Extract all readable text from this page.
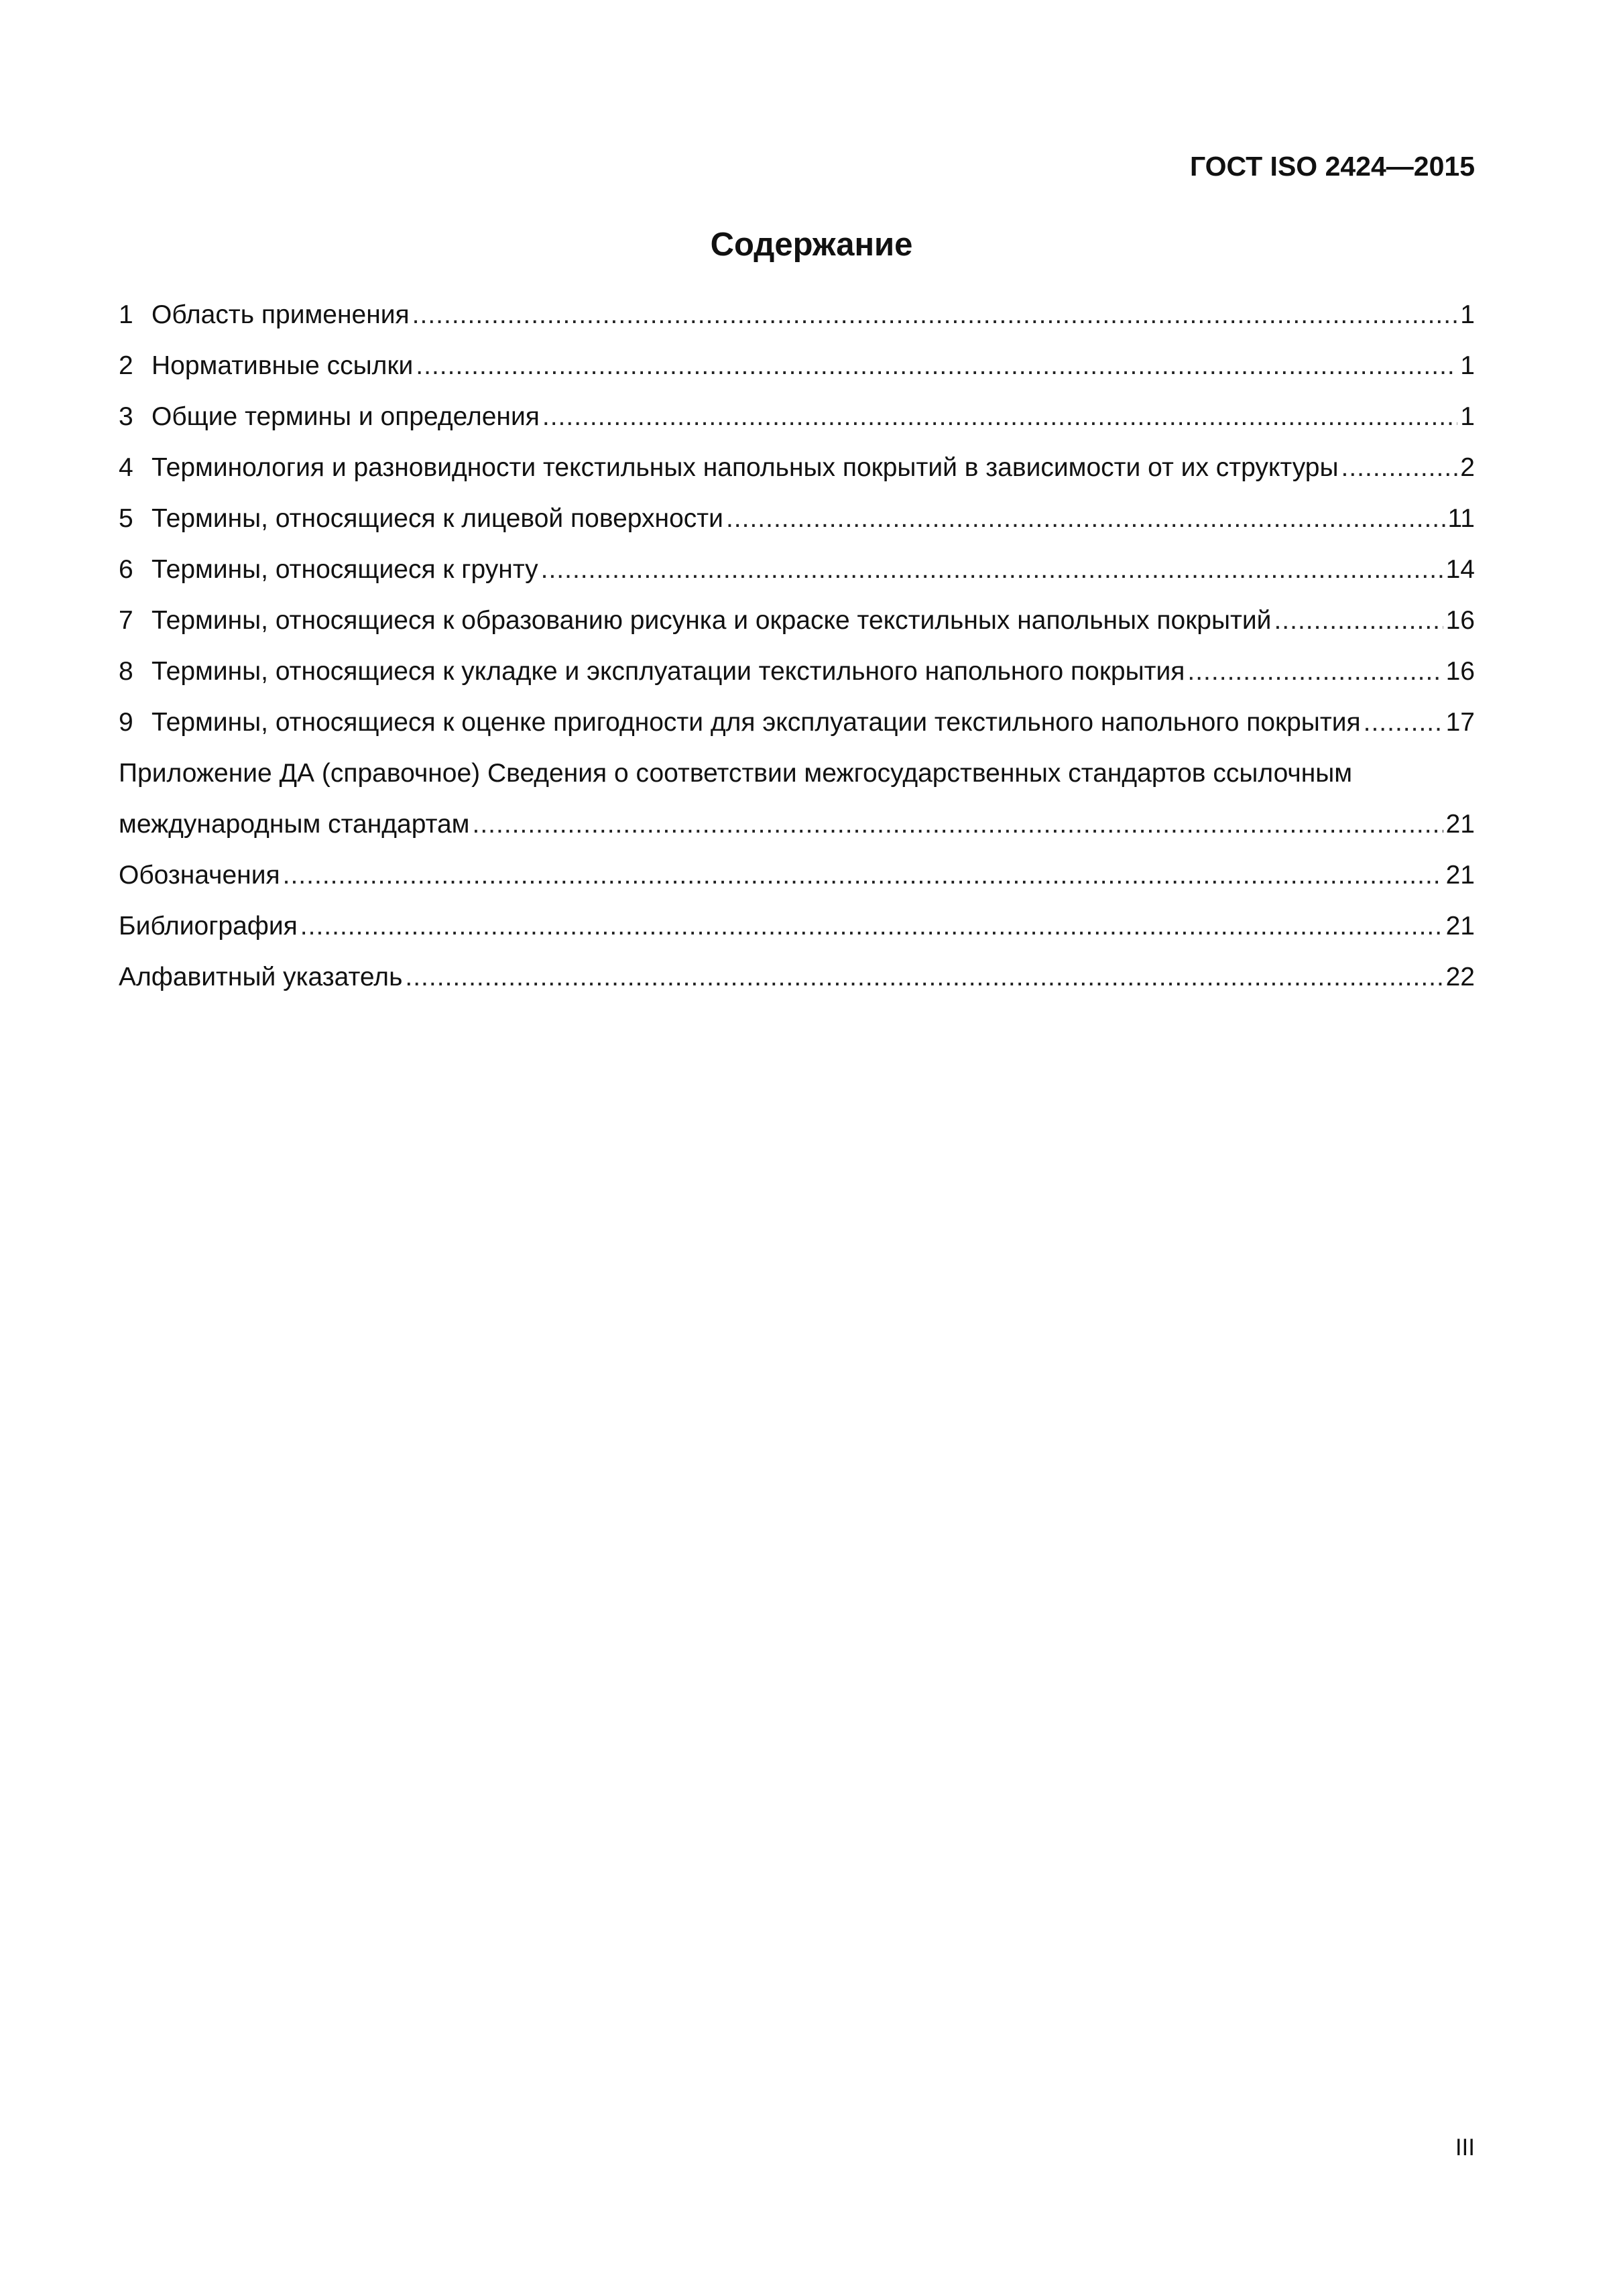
ГОСТ ISO 2424—2015
Содержание
1 Область применения .....	1
2 Нормативные ссылки .....	1
3 Общие термины и определения .....	1
4 Терминология и разновидности текстильных напольных покрытий в зависимости от их структуры .....	2
5 Термины, относящиеся к лицевой поверхности .....	11
6 Термины, относящиеся к грунту .....	14
7 Термины, относящиеся к образованию рисунка и окраске текстильных напольных покрытий .....	16
8 Термины, относящиеся к укладке и эксплуатации текстильного напольного покрытия .....	16
9 Термины, относящиеся к оценке пригодности для эксплуатации текстильного напольного покрытия .....	17
Приложение ДА (справочное) Сведения о соответствии межгосударственных стандартов ссылочным
международным стандартам .....	21
Обозначения .....	21
Библиография .....	21
Алфавитный указатель .....	22
III
